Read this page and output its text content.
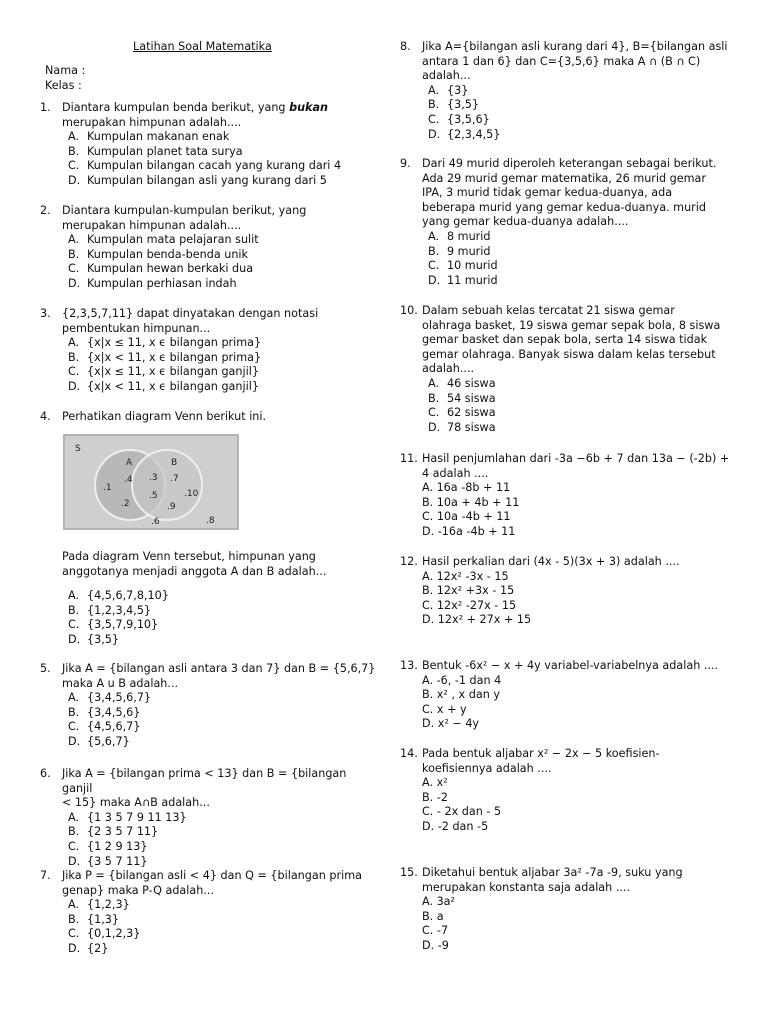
Latihan Soal Matematika
Nama :
Kelas :
1.	Diantara kumpulan benda berikut, yang bukan
merupakan himpunan adalah....
A. Kumpulan makanan enak
B. Kumpulan planet tata surya
C. Kumpulan bilangan cacah yang kurang dari 4
D. Kumpulan bilangan asli yang kurang dari 5
2.	Diantara kumpulan-kumpulan berikut, yang
merupakan himpunan adalah....
A. Kumpulan mata pelajaran sulit
B. Kumpulan benda-benda unik
C. Kumpulan hewan berkaki dua
D. Kumpulan perhiasan indah
3.	{2,3,5,7,11} dapat dinyatakan dengan notasi
pembentukan himpunan...
A. {x|x ≤ 11, x ϵ bilangan prima}
B. {x|x < 11, x ϵ bilangan prima}
C. {x|x ≤ 11, x ϵ bilangan ganjil}
D. {x|x < 11, x ϵ bilangan ganjil}
4.	Perhatikan diagram Venn berikut ini.
S
A	B
.1
.4 .3 .7
.5	.10
.2	.9
.6	.8
Pada diagram Venn tersebut, himpunan yang
anggotanya menjadi anggota A dan B adalah...
A. {4,5,6,7,8,10}
B. {1,2,3,4,5}
C. {3,5,7,9,10}
D. {3,5}
5.	Jika A = {bilangan asli antara 3 dan 7} dan B = {5,6,7}
maka A u B adalah...
A. {3,4,5,6,7}
B. {3,4,5,6}
C. {4,5,6,7}
D. {5,6,7}
6.	Jika A = {bilangan prima < 13} dan B = {bilangan ganjil
< 15} maka A∩B adalah...
A. {1 3 5 7 9 11 13}
B. {2 3 5 7 11}
C. {1 2 9 13}
D. {3 5 7 11}
7.	Jika P = {bilangan asli < 4} dan Q = {bilangan prima
genap} maka P-Q adalah...
A. {1,2,3}
B. {1,3}
C. {0,1,2,3}
D. {2}
8.	Jika A={bilangan asli kurang dari 4}, B={bilangan asli
antara 1 dan 6} dan C={3,5,6} maka A ∩ (B ∩ C)
adalah...
A. {3}
B. {3,5}
C. {3,5,6}
D. {2,3,4,5}
9.	Dari 49 murid diperoleh keterangan sebagai berikut.
Ada 29 murid gemar matematika, 26 murid gemar
IPA, 3 murid tidak gemar kedua-duanya, ada
beberapa murid yang gemar kedua-duanya. murid
yang gemar kedua-duanya adalah....
A. 8 murid
B. 9 murid
C. 10 murid
D. 11 murid
10. Dalam sebuah kelas tercatat 21 siswa gemar
olahraga basket, 19 siswa gemar sepak bola, 8 siswa
gemar basket dan sepak bola, serta 14 siswa tidak
gemar olahraga. Banyak siswa dalam kelas tersebut
adalah....
A. 46 siswa
B. 54 siswa
C. 62 siswa
D. 78 siswa
11. Hasil penjumlahan dari -3a −6b + 7 dan 13a − (-2b) +
4 adalah ....
A. 16a -8b + 11
B. 10a + 4b + 11
C. 10a -4b + 11
D. -16a -4b + 11
12. Hasil perkalian dari (4x - 5)(3x + 3) adalah ....
A. 12x² -3x - 15
B. 12x² +3x - 15
C. 12x² -27x - 15
D. 12x² + 27x + 15
13. Bentuk -6x² − x + 4y variabel-variabelnya adalah ....
A. -6, -1 dan 4
B. x² , x dan y
C. x + y
D. x² − 4y
14. Pada bentuk aljabar x² − 2x − 5 koefisien-
koefisiennya adalah ....
A. x²
B. -2
C. - 2x dan - 5
D. -2 dan -5
15. Diketahui bentuk aljabar 3a² -7a -9, suku yang
merupakan konstanta saja adalah ....
A. 3a²
B. a
C. -7
D. -9
